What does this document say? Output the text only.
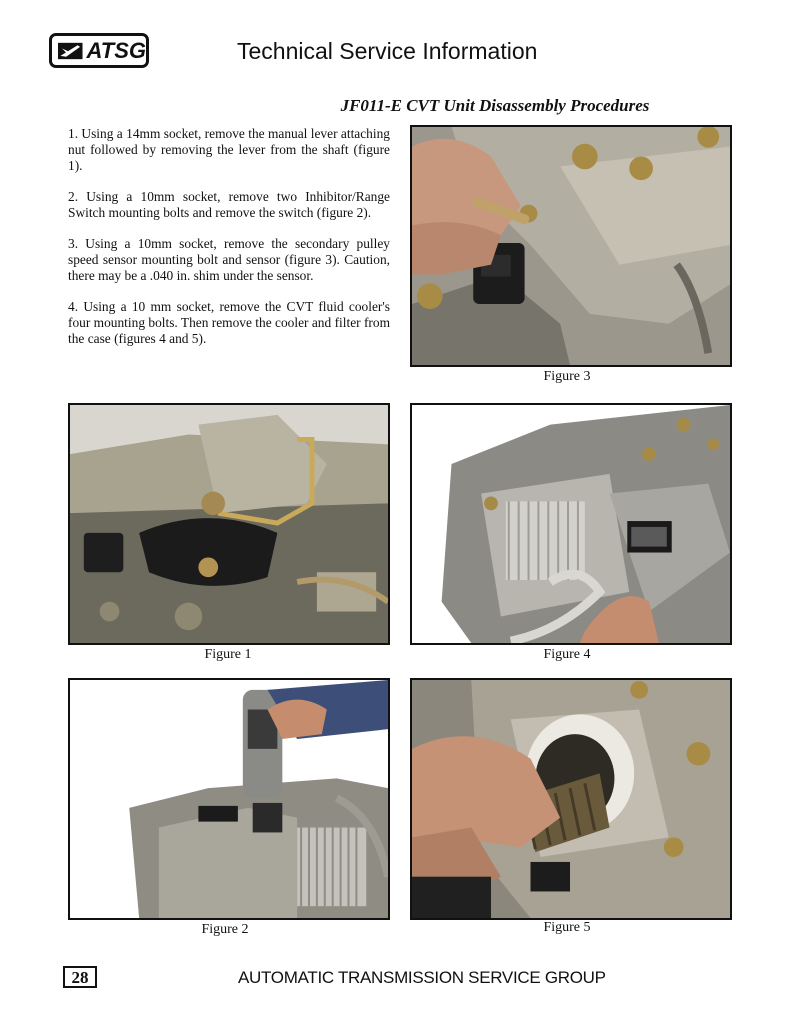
ATSG	Technical Service Information
JF011-E CVT Unit Disassembly Procedures

1. Using a 14mm socket, remove the manual lever attaching nut followed by removing the lever from the shaft (figure 1).

2. Using a 10mm socket, remove two Inhibitor/Range Switch mounting bolts and remove the switch (figure 2).

3. Using a 10mm socket, remove the secondary pulley speed sensor mounting bolt and sensor (figure 3). Caution, there may be a .040 in. shim under the sensor.

4. Using a 10 mm socket, remove the CVT fluid cooler's four mounting bolts. Then remove the cooler and filter from the case (figures 4 and 5).

Figure 3
Figure 1	Figure 4
Figure 2	Figure 5
28	AUTOMATIC TRANSMISSION SERVICE GROUP
